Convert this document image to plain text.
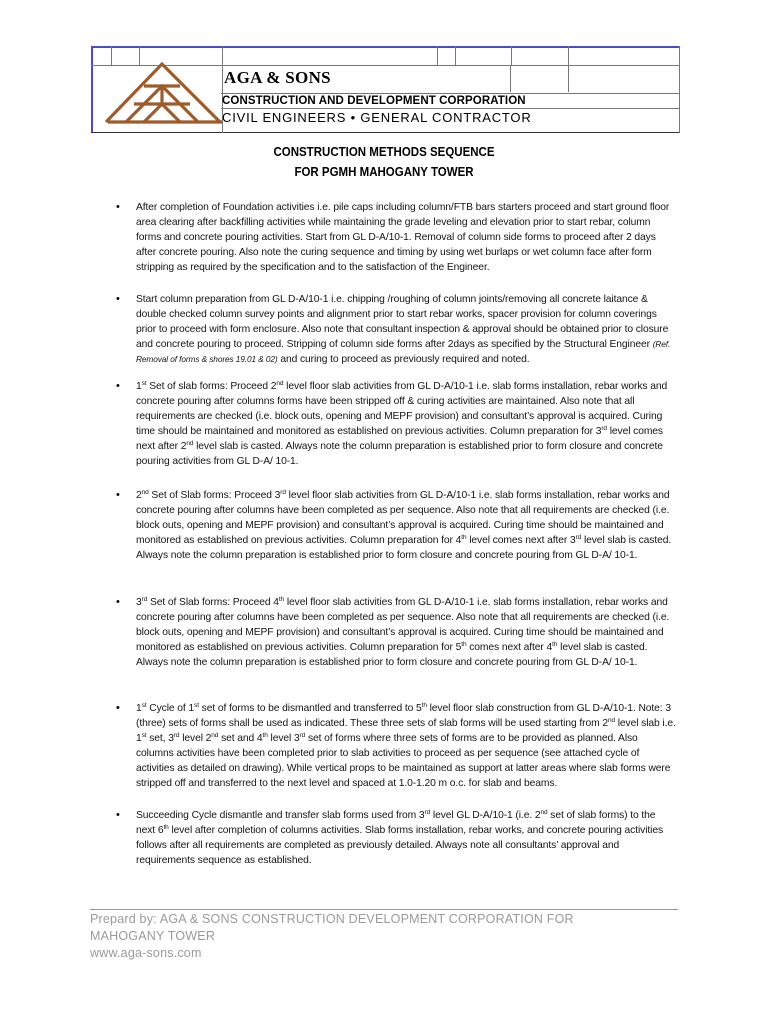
AGA & SONS
CONSTRUCTION AND DEVELOPMENT CORPORATION
CIVIL ENGINEERS • GENERAL CONTRACTOR
CONSTRUCTION METHODS SEQUENCE
FOR PGMH MAHOGANY TOWER
• After completion of Foundation activities i.e. pile caps including column/FTB bars starters proceed and start ground floor area clearing after backfilling activities while maintaining the grade leveling and elevation prior to start rebar, column forms and concrete pouring activities. Start from GL D-A/10-1. Removal of column side forms to proceed after 2 days after concrete pouring. Also note the curing sequence and timing by using wet burlaps or wet column face after form stripping as required by the specification and to the satisfaction of the Engineer.

• Start column preparation from GL D-A/10-1 i.e. chipping /roughing of column joints/removing all concrete laitance & double checked column survey points and alignment prior to start rebar works, spacer provision for column coverings prior to proceed with form enclosure. Also note that consultant inspection & approval should be obtained prior to closure and concrete pouring to proceed. Stripping of column side forms after 2days as specified by the Structural Engineer (Ref. Removal of forms & shores 19.01 & 02) and curing to proceed as previously required and noted.

• 1st Set of slab forms: Proceed 2nd level floor slab activities from GL D-A/10-1 i.e. slab forms installation, rebar works and concrete pouring after columns forms have been stripped off & curing activities are maintained. Also note that all requirements are checked (i.e. block outs, opening and MEPF provision) and consultant’s approval is acquired. Curing time should be maintained and monitored as established on previous activities. Column preparation for 3rd level comes next after 2nd level slab is casted. Always note the column preparation is established prior to form closure and concrete pouring activities from GL D-A/ 10-1.

• 2nd Set of Slab forms: Proceed 3rd level floor slab activities from GL D-A/10-1 i.e. slab forms installation, rebar works and concrete pouring after columns have been completed as per sequence. Also note that all requirements are checked (i.e. block outs, opening and MEPF provision) and consultant’s approval is acquired. Curing time should be maintained and monitored as established on previous activities. Column preparation for 4th level comes next after 3rd level slab is casted. Always note the column preparation is established prior to form closure and concrete pouring from GL D-A/ 10-1.

• 3rd Set of Slab forms: Proceed 4th level floor slab activities from GL D-A/10-1 i.e. slab forms installation, rebar works and concrete pouring after columns have been completed as per sequence. Also note that all requirements are checked (i.e. block outs, opening and MEPF provision) and consultant’s approval is acquired. Curing time should be maintained and monitored as established on previous activities. Column preparation for 5th comes next after 4th level slab is casted. Always note the column preparation is established prior to form closure and concrete pouring from GL D-A/ 10-1.

• 1st Cycle of 1st set of forms to be dismantled and transferred to 5th level floor slab construction from GL D-A/10-1. Note: 3 (three) sets of forms shall be used as indicated. These three sets of slab forms will be used starting from 2nd level slab i.e. 1st set, 3rd level 2nd set and 4th level 3rd set of forms where three sets of forms are to be provided as planned. Also columns activities have been completed prior to slab activities to proceed as per sequence (see attached cycle of activities as detailed on drawing). While vertical props to be maintained as support at latter areas where slab forms were stripped off and transferred to the next level and spaced at 1.0-1.20 m o.c. for slab and beams.

• Succeeding Cycle dismantle and transfer slab forms used from 3rd level GL D-A/10-1 (i.e. 2nd set of slab forms) to the next 6th level after completion of columns activities. Slab forms installation, rebar works, and concrete pouring activities follows after all requirements are completed as previously detailed. Always note all consultants’ approval and requirements sequence as established.

Prepard by: AGA & SONS CONSTRUCTION DEVELOPMENT CORPORATION FOR
MAHOGANY TOWER
www.aga-sons.com
